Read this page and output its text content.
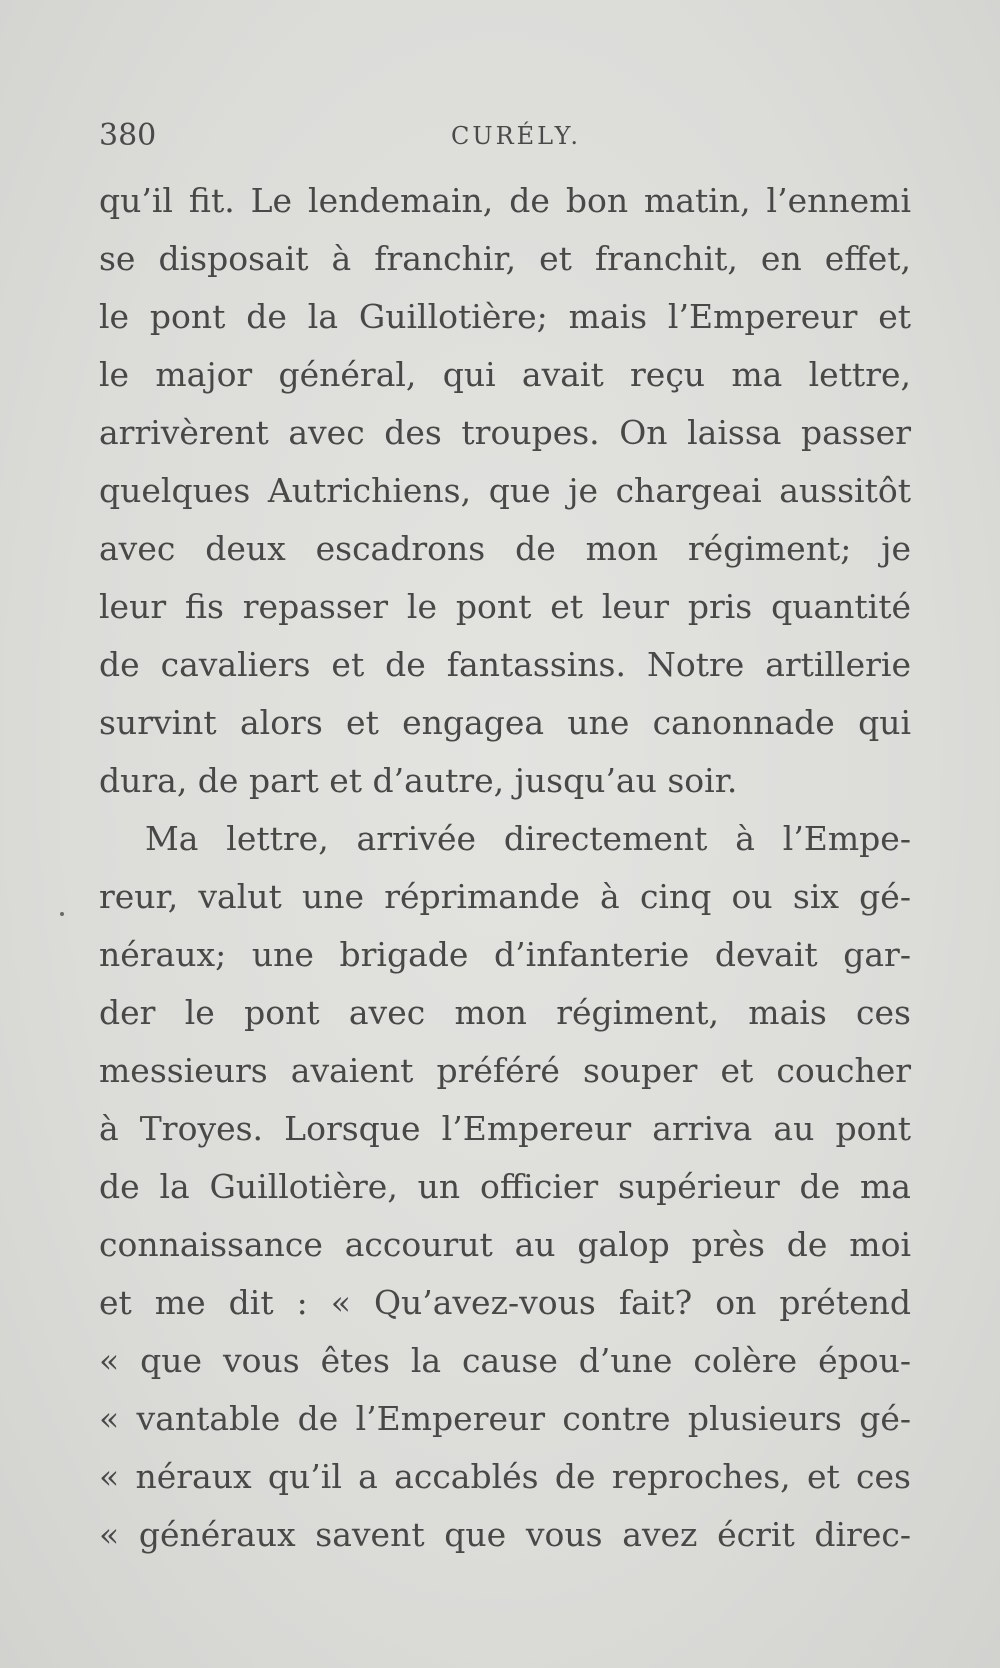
380	CURÉLY.
qu’il fit. Le lendemain, de bon matin, l’ennemi
se disposait à franchir, et franchit, en effet,
le pont de la Guillotière; mais l’Empereur et
le major général, qui avait reçu ma lettre,
arrivèrent avec des troupes. On laissa passer
quelques Autrichiens, que je chargeai aussitôt
avec deux escadrons de mon régiment; je
leur fis repasser le pont et leur pris quantité
de cavaliers et de fantassins. Notre artillerie
survint alors et engagea une canonnade qui
dura, de part et d’autre, jusqu’au soir.
Ma lettre, arrivée directement à l’Empe-
reur, valut une réprimande à cinq ou six gé-
néraux; une brigade d’infanterie devait gar-
der le pont avec mon régiment, mais ces
messieurs avaient préféré souper et coucher
à Troyes. Lorsque l’Empereur arriva au pont
de la Guillotière, un officier supérieur de ma
connaissance accourut au galop près de moi
et me dit : « Qu’avez-vous fait? on prétend
« que vous êtes la cause d’une colère épou-
« vantable de l’Empereur contre plusieurs gé-
« néraux qu’il a accablés de reproches, et ces
« généraux savent que vous avez écrit direc-
